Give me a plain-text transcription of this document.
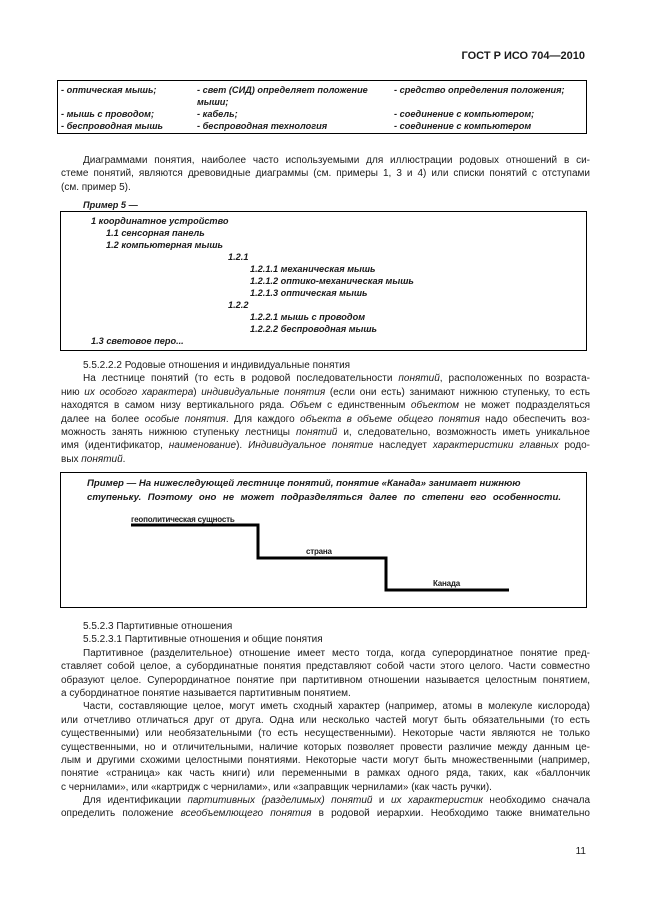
ГОСТ Р ИСО 704—2010
- оптическая мышь;	- свет (СИД) определяет положение	- средство определения положения;
мыши;
- мышь с проводом;	- кабель;	- соединение с компьютером;
- беспроводная мышь	- беспроводная технология	- соединение с компьютером
Диаграммами понятия, наиболее часто используемыми для иллюстрации родовых отношений в си-
стеме понятий, являются древовидные диаграммы (см. примеры 1, 3 и 4) или списки понятий с отступами
(см. пример 5).
Пример 5 —
1 координатное устройство
1.1 сенсорная панель
1.2 компьютерная мышь
1.2.1
1.2.1.1 механическая мышь
1.2.1.2 оптико-механическая мышь
1.2.1.3 оптическая мышь
1.2.2
1.2.2.1 мышь с проводом
1.2.2.2 беспроводная мышь
1.3 световое перо...
5.5.2.2.2 Родовые отношения и индивидуальные понятия
На лестнице понятий (то есть в родовой последовательности понятий, расположенных по возраста-
нию их особого характера) индивидуальные понятия (если они есть) занимают нижнюю ступеньку, то есть
находятся в самом низу вертикального ряда. Объем с единственным объектом не может подразделяться
далее на более особые понятия. Для каждого объекта в объеме общего понятия надо обеспечить воз-
можность занять нижнюю ступеньку лестницы понятий и, следовательно, возможность иметь уникальное
имя (идентификатор, наименование). Индивидуальное понятие наследует характеристики главных родо-
вых понятий.
Пример — На нижеследующей лестнице понятий, понятие «Канада» занимает нижнюю ступеньку. Поэтому оно не может подразделяться далее по степени его особенности.
геополитическая сущность
страна
Канада
5.5.2.3 Партитивные отношения
5.5.2.3.1 Партитивные отношения и общие понятия
Партитивное (разделительное) отношение имеет место тогда, когда суперординатное понятие пред-
ставляет собой целое, а субординатные понятия представляют собой части этого целого. Части совместно
образуют целое. Суперординатное понятие при партитивном отношении называется целостным понятием,
а субординатное понятие называется партитивным понятием.
Части, составляющие целое, могут иметь сходный характер (например, атомы в молекуле кислорода)
или отчетливо отличаться друг от друга. Одна или несколько частей могут быть обязательными (то есть
существенными) или необязательными (то есть несущественными). Некоторые части являются не только
существенными, но и отличительными, наличие которых позволяет провести различие между данным це-
лым и другими схожими целостными понятиями. Некоторые части могут быть множественными (например,
понятие «страница» как часть книги) или переменными в рамках одного ряда, таких, как «баллончик
с чернилами», или «картридж с чернилами», или «заправщик чернилами» (как часть ручки).
Для идентификации партитивных (разделимых) понятий и их характеристик необходимо сначала
определить положение всеобъемлющего понятия в родовой иерархии. Необходимо также внимательно
11
